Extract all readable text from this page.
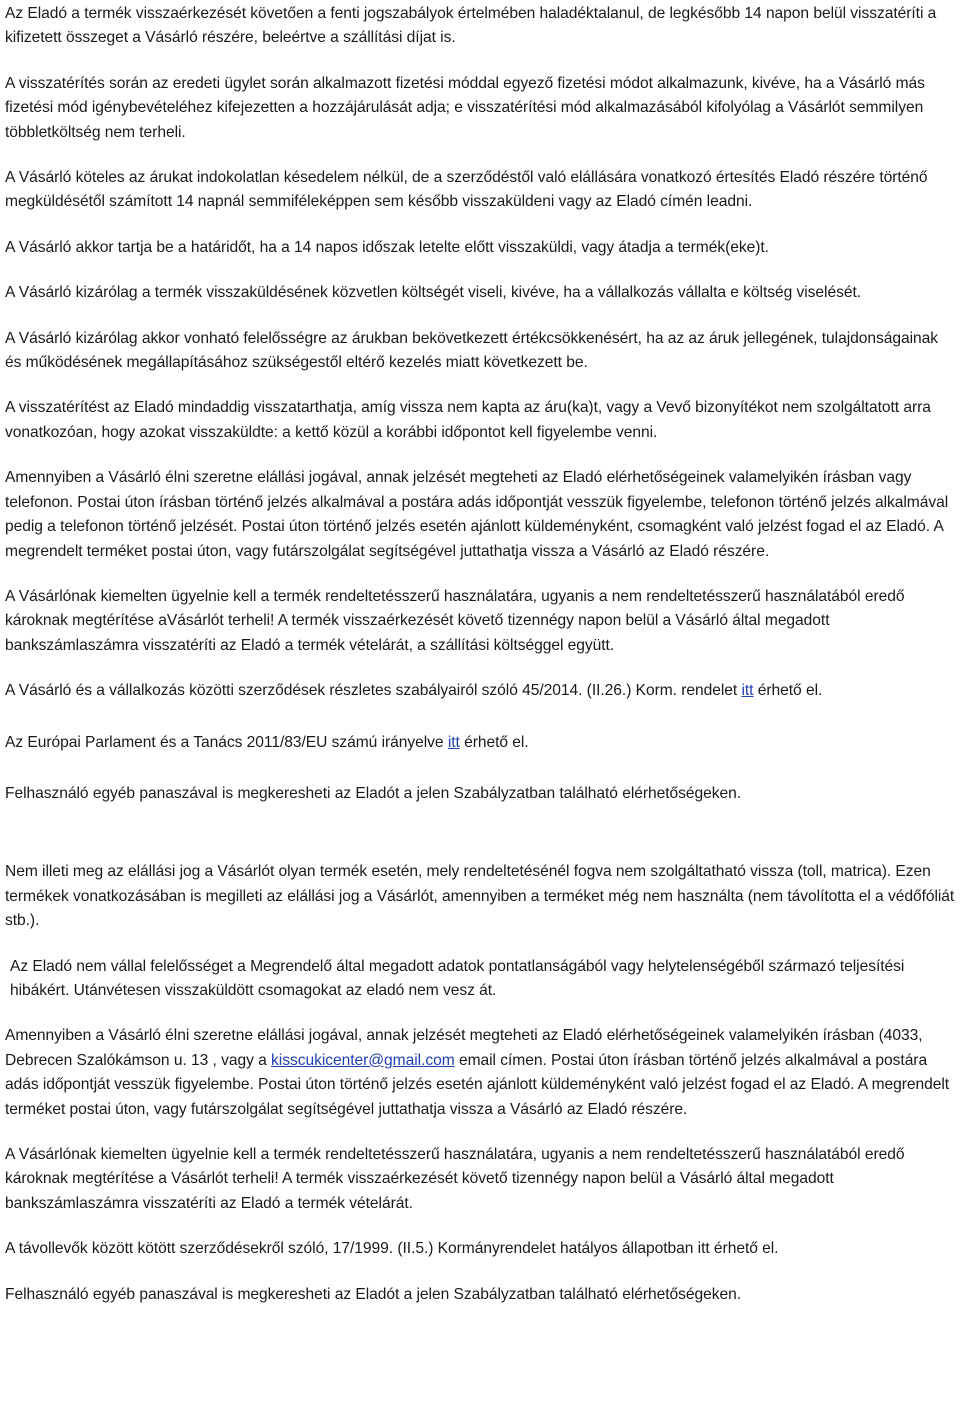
Az Eladó a termék visszaérkezését követően a fenti jogszabályok értelmében haladéktalanul, de legkésőbb 14 napon belül visszatéríti a kifizetett összeget a Vásárló részére, beleértve a szállítási díjat is.

A visszatérítés során az eredeti ügylet során alkalmazott fizetési móddal egyező fizetési módot alkalmazunk, kivéve, ha a Vásárló más fizetési mód igénybevételéhez kifejezetten a hozzájárulását adja; e visszatérítési mód alkalmazásából kifolyólag a Vásárlót semmilyen többletköltség nem terheli.

A Vásárló köteles az árukat indokolatlan késedelem nélkül, de a szerződéstől való elállására vonatkozó értesítés Eladó részére történő megküldésétől számított 14 napnál semmiféleképpen sem később visszaküldeni vagy az Eladó címén leadni.

A Vásárló akkor tartja be a határidőt, ha a 14 napos időszak letelte előtt visszaküldi, vagy átadja a termék(eke)t.

A Vásárló kizárólag a termék visszaküldésének közvetlen költségét viseli, kivéve, ha a vállalkozás vállalta e költség viselését.

A Vásárló kizárólag akkor vonható felelősségre az árukban bekövetkezett értékcsökkenésért, ha az az áruk jellegének, tulajdonságainak és működésének megállapításához szükségestől eltérő kezelés miatt következett be.

A visszatérítést az Eladó mindaddig visszatarthatja, amíg vissza nem kapta az áru(ka)t, vagy a Vevő bizonyítékot nem szolgáltatott arra vonatkozóan, hogy azokat visszaküldte: a kettő közül a korábbi időpontot kell figyelembe venni.

Amennyiben a Vásárló élni szeretne elállási jogával, annak jelzését megteheti az Eladó elérhetőségeinek valamelyikén írásban vagy telefonon. Postai úton írásban történő jelzés alkalmával a postára adás időpontját vesszük figyelembe, telefonon történő jelzés alkalmával pedig a telefonon történő jelzését. Postai úton történő jelzés esetén ajánlott küldeményként, csomagként való jelzést fogad el az Eladó. A megrendelt terméket postai úton, vagy futárszolgálat segítségével juttathatja vissza a Vásárló az Eladó részére.

A Vásárlónak kiemelten ügyelnie kell a termék rendeltetésszerű használatára, ugyanis a nem rendeltetésszerű használatából eredő károknak megtérítése aVásárlót terheli! A termék visszaérkezését követő tizennégy napon belül a Vásárló által megadott bankszámlaszámra visszatéríti az Eladó a termék vételárát, a szállítási költséggel együtt.

A Vásárló és a vállalkozás közötti szerződések részletes szabályairól szóló 45/2014. (II.26.) Korm. rendelet itt érhető el.

Az Európai Parlament és a Tanács 2011/83/EU számú irányelve itt érhető el.

Felhasználó egyéb panaszával is megkeresheti az Eladót a jelen Szabályzatban található elérhetőségeken.

Nem illeti meg az elállási jog a Vásárlót olyan termék esetén, mely rendeltetésénél fogva nem szolgáltatható vissza (toll, matrica). Ezen termékek vonatkozásában is megilleti az elállási jog a Vásárlót, amennyiben a terméket még nem használta (nem távolította el a védőfóliát stb.).

Az Eladó nem vállal felelősséget a Megrendelő által megadott adatok pontatlanságából vagy helytelenségéből származó teljesítési hibákért. Utánvétesen visszaküldött csomagokat az eladó nem vesz át.

Amennyiben a Vásárló élni szeretne elállási jogával, annak jelzését megteheti az Eladó elérhetőségeinek valamelyikén írásban (4033, Debrecen Szalókámson u. 13 , vagy a kisscukicenter@gmail.com email címen. Postai úton írásban történő jelzés alkalmával a postára adás időpontját vesszük figyelembe. Postai úton történő jelzés esetén ajánlott küldeményként való jelzést fogad el az Eladó. A megrendelt terméket postai úton, vagy futárszolgálat segítségével juttathatja vissza a Vásárló az Eladó részére.

A Vásárlónak kiemelten ügyelnie kell a termék rendeltetésszerű használatára, ugyanis a nem rendeltetésszerű használatából eredő károknak megtérítése a Vásárlót terheli! A termék visszaérkezését követő tizennégy napon belül a Vásárló által megadott bankszámlaszámra visszatéríti az Eladó a termék vételárát.

A távollevők között kötött szerződésekről szóló, 17/1999. (II.5.) Kormányrendelet hatályos állapotban itt érhető el.

Felhasználó egyéb panaszával is megkeresheti az Eladót a jelen Szabályzatban található elérhetőségeken.
